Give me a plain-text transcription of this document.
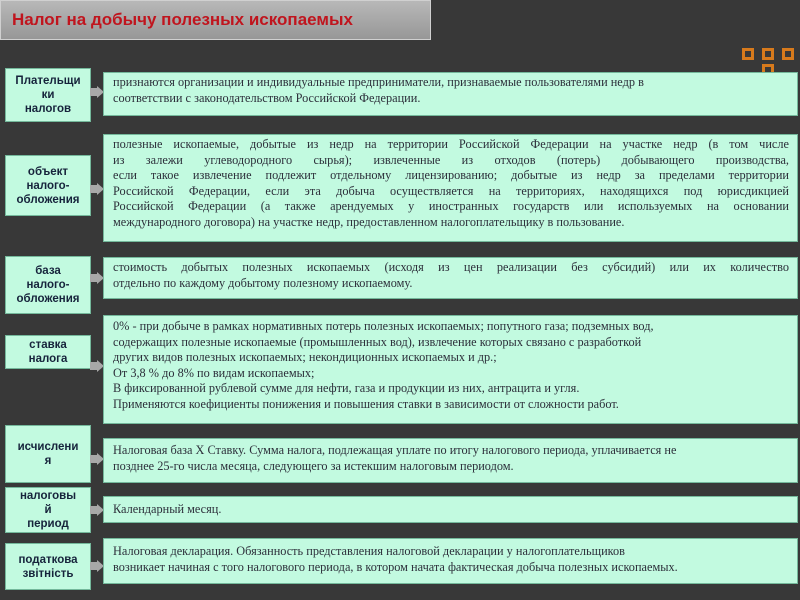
Налог на добычу полезных ископаемых
Плательщи
ки
налогов
признаются организации и индивидуальные предприниматели, признаваемые пользователями недр в
соответствии с законодательством Российской Федерации.
объект
налого-
обложения
полезные ископаемые, добытые из недр на территории Российской Федерации на участке недр (в том числе
из залежи углеводородного сырья); извлеченные из отходов (потерь) добывающего производства,
если такое извлечение подлежит отдельному лицензированию; добытые из недр за пределами территории
Российской Федерации, если эта добыча осуществляется на территориях, находящихся под юрисдикцией
Российской Федерации (а также арендуемых у иностранных государств или используемых на основании
международного договора) на участке недр, предоставленном налогоплательщику в пользование.
база
налого-
обложения
стоимость добытых полезных ископаемых (исходя из цен реализации без субсидий) или их количество
отдельно по каждому добытому полезному ископаемому.
ставка
налога
0% - при добыче в рамках нормативных потерь полезных ископаемых; попутного газа; подземных вод,
содержащих полезные ископаемые (промышленных вод), извлечение которых связано с разработкой
других видов полезных ископаемых; некондиционных ископаемых и др.;
От 3,8 % до 8% по видам ископаемых;
В фиксированной рублевой сумме для нефти, газа и продукции из них, антрацита и угля.
Применяются коефициенты понижения и повышения ставки в зависимости от сложности работ.
исчислени
я
Налоговая база Х Ставку. Сумма налога, подлежащая уплате по итогу налогового периода, уплачивается не
позднее 25-го числа месяца, следующего за истекшим налоговым периодом.
налоговы
й
период
Календарный месяц.
податкова
звітність
Налоговая декларация. Обязанность представления налоговой декларации у налогоплательщиков
возникает начиная с того налогового периода, в котором начата фактическая добыча полезных ископаемых.
